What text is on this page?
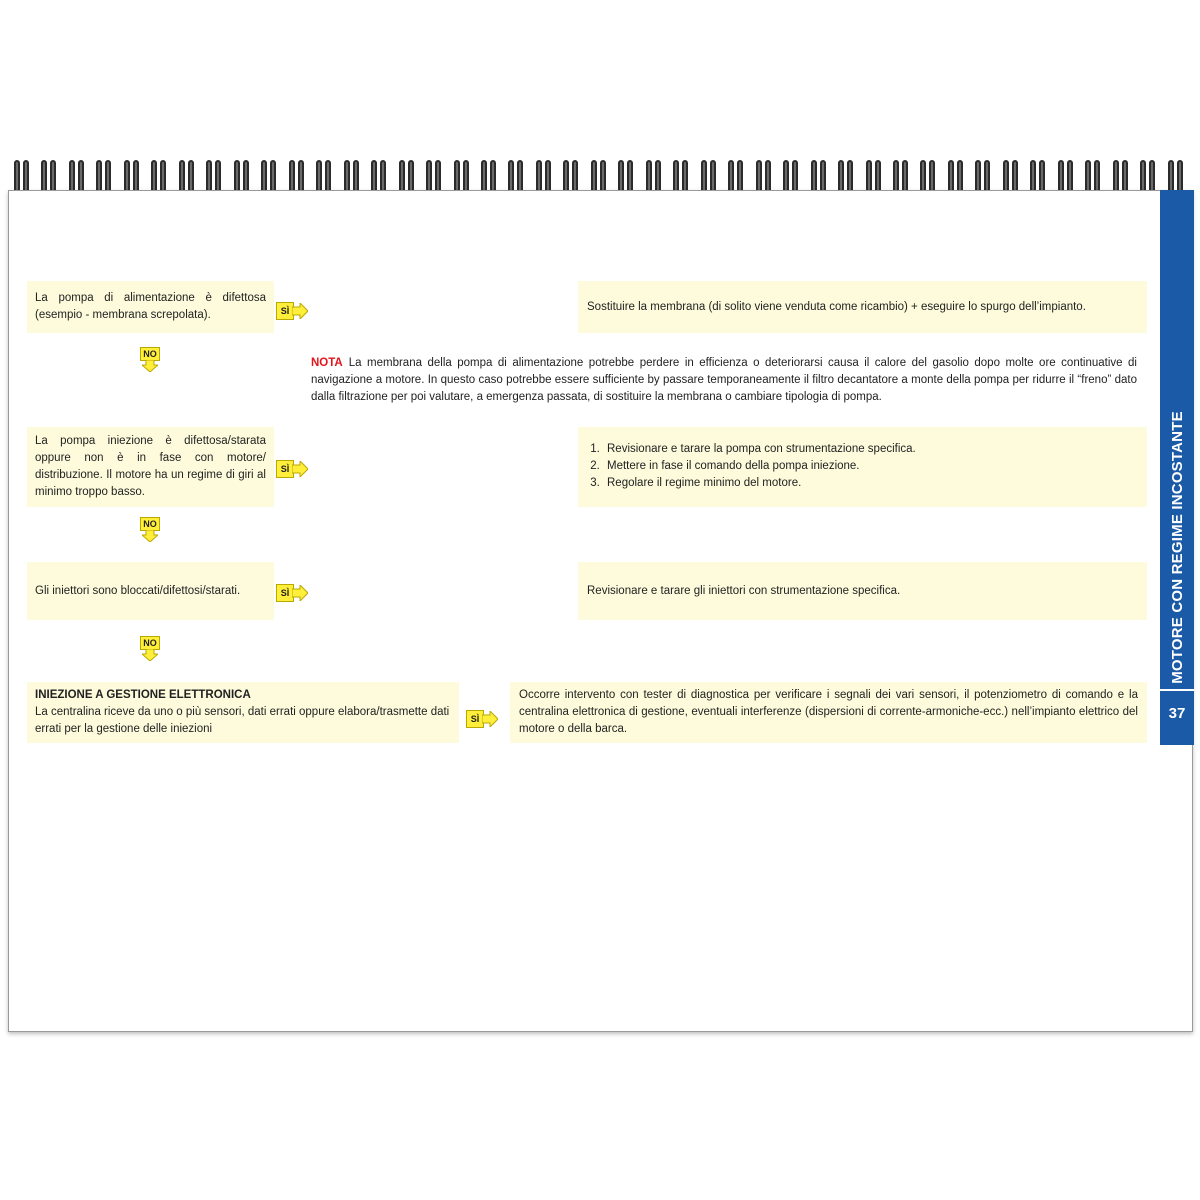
MOTORE CON REGIME INCOSTANTE
37
La pompa di alimentazione è difettosa (esempio - membrana screpolata).	SÌ	Sostituire la membrana (di solito viene venduta come ricambio) + eseguire lo spurgo dell’impianto.
NO
NOTA La membrana della pompa di alimentazione potrebbe perdere in efficienza o deteriorarsi causa il calore del gasolio dopo molte ore continuative di navigazione a motore. In questo caso potrebbe essere sufficiente by passare temporaneamente il filtro decantatore a monte della pompa per ridurre il “freno” dato dalla filtrazione per poi valutare, a emergenza passata, di sostituire la membrana o cambiare tipologia di pompa.
La pompa iniezione è difettosa/starata oppure non è in fase con motore/ distribuzione. Il motore ha un regime di giri al minimo troppo basso.
SÌ
1. Revisionare e tarare la pompa con strumentazione specifica.
2. Mettere in fase il comando della pompa iniezione.
3. Regolare il regime minimo del motore.
NO
Gli iniettori sono bloccati/difettosi/starati.	SÌ	Revisionare e tarare gli iniettori con strumentazione specifica.
NO
INIEZIONE A GESTIONE ELETTRONICA
La centralina riceve da uno o più sensori, dati errati oppure elabora/trasmette dati errati per la gestione delle iniezioni
SÌ
Occorre intervento con tester di diagnostica per verificare i segnali dei vari sensori, il potenziometro di comando e la centralina elettronica di gestione, eventuali interferenze (dispersioni di corrente-armoniche-ecc.) nell’impianto elettrico del motore o della barca.
